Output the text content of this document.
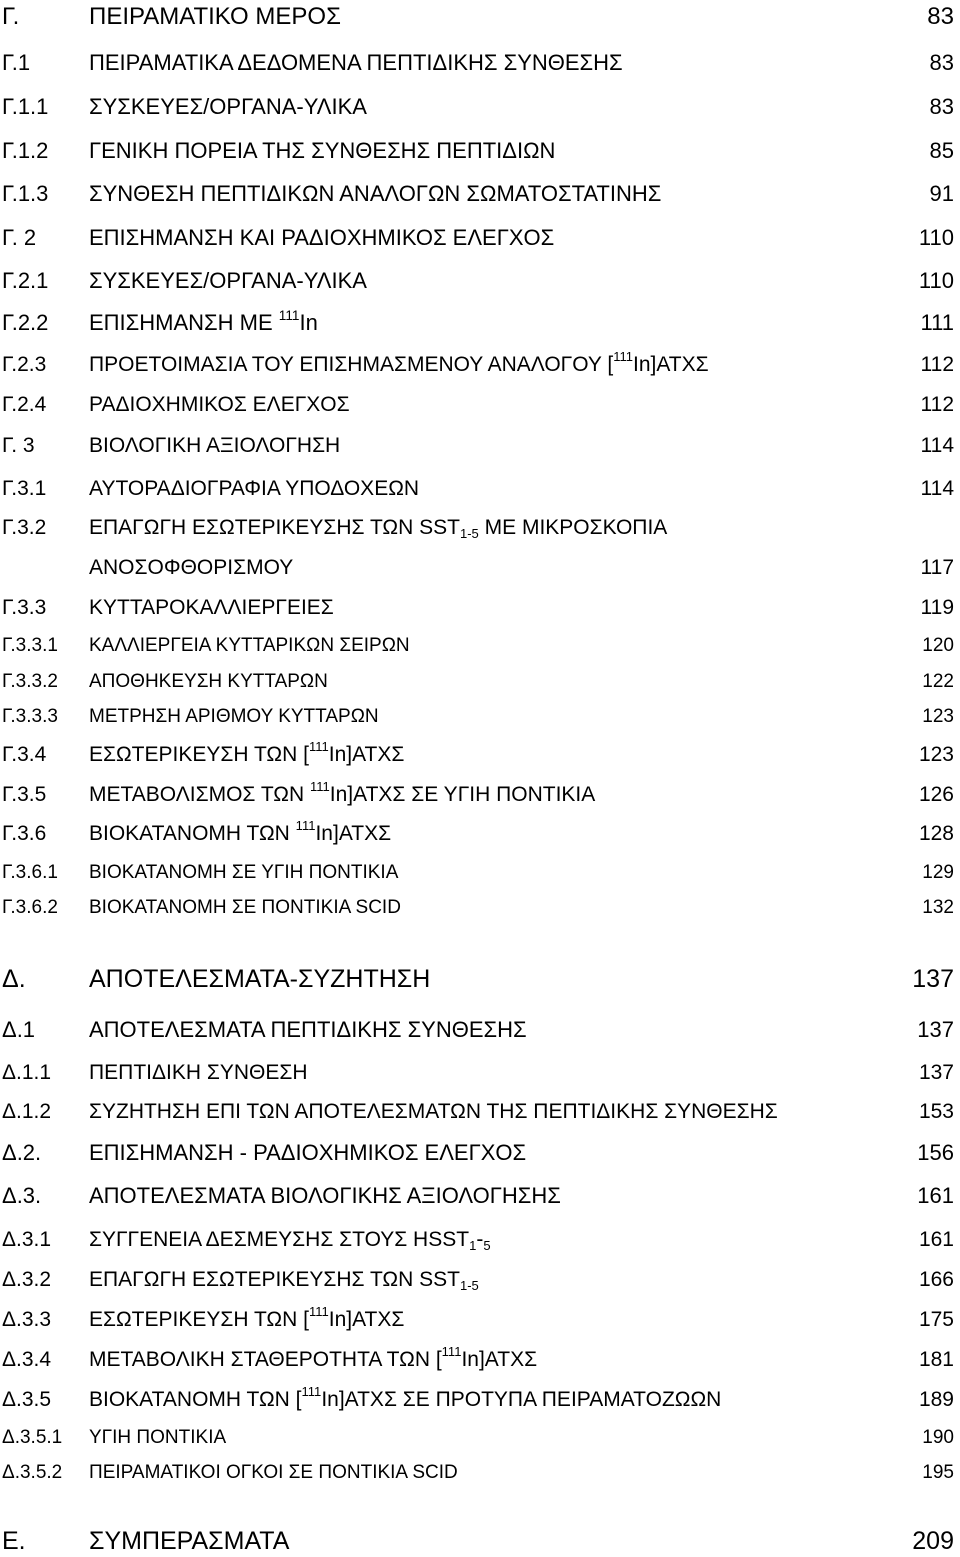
Γ.	ΠΕΙΡΑΜΑΤΙΚΟ ΜΕΡΟΣ	83
Γ.1	ΠΕΙΡΑΜΑΤΙΚΑ ΔΕΔΟΜΕΝΑ ΠΕΠΤΙΔΙΚΗΣ ΣΥΝΘΕΣΗΣ	83
Γ.1.1 ΣΥΣΚΕΥΕΣ/ΟΡΓΑΝΑ-ΥΛΙΚΑ	83
Γ.1.2 ΓΕΝΙΚΗ ΠΟΡΕΙΑ ΤΗΣ ΣΥΝΘΕΣΗΣ ΠΕΠΤΙΔΙΩΝ	85
Γ.1.3 ΣΥΝΘΕΣΗ ΠΕΠΤΙΔΙΚΩΝ ΑΝΑΛΟΓΩΝ ΣΩΜΑΤΟΣΤΑΤΙΝΗΣ	91
Γ. 2 ΕΠΙΣΗΜΑΝΣΗ ΚΑΙ ΡΑΔΙΟΧΗΜΙΚΟΣ ΕΛΕΓΧΟΣ	110
Γ.2.1 ΣΥΣΚΕΥΕΣ/ΟΡΓΑΝΑ-ΥΛΙΚΑ	110
Γ.2.2 ΕΠΙΣΗΜΑΝΣΗ ΜΕ $^{111}$In	111
Γ.2.3 ΠΡΟΕΤΟΙΜΑΣΙΑ ΤΟΥ ΕΠΙΣΗΜΑΣΜΕΝΟΥ ΑΝΑΛΟΓΟΥ [$^{111}$In]ΑΤΧΣ	112
Γ.2.4 ΡΑΔΙΟΧΗΜΙΚΟΣ ΕΛΕΓΧΟΣ	112
Γ. 3	ΒΙΟΛΟΓΙΚΗ ΑΞΙΟΛΟΓΗΣΗ	114
Γ.3.1 ΑΥΤΟΡΑΔΙΟΓΡΑΦΙΑ ΥΠΟΔΟΧΕΩΝ	114
Γ.3.2 ΕΠΑΓΩΓΗ ΕΣΩΤΕΡΙΚΕΥΣΗΣ ΤΩΝ $SST_{1-5}$ ΜΕ ΜΙΚΡΟΣΚΟΠΙΑ
ΑΝΟΣΟΦΘΟΡΙΣΜΟΥ	117
Γ.3.3 ΚΥΤΤΑΡΟΚΑΛΛΙΕΡΓΕΙΕΣ	119
Γ.3.3.1 ΚΑΛΛΙΕΡΓΕΙΑ ΚΥΤΤΑΡΙΚΩΝ ΣΕΙΡΩΝ	120
Γ.3.3.2 ΑΠΟΘΗΚΕΥΣΗ ΚΥΤΤΑΡΩΝ	122
Γ.3.3.3 ΜΕΤΡΗΣΗ ΑΡΙΘΜΟΥ ΚΥΤΤΑΡΩΝ	123
Γ.3.4 ΕΣΩΤΕΡΙΚΕΥΣΗ ΤΩΝ [$^{111}$In]ΑΤΧΣ	123
Γ.3.5 ΜΕΤΑΒΟΛΙΣΜΟΣ ΤΩΝ $^{111}$In]ΑΤΧΣ ΣΕ ΥΓΙΗ ΠΟΝΤΙΚΙΑ	126
Γ.3.6 ΒΙΟΚΑΤΑΝΟΜΗ ΤΩΝ $^{111}$In]ΑΤΧΣ	128
Γ.3.6.1 ΒΙΟΚΑΤΑΝΟΜΗ ΣΕ ΥΓΙΗ ΠΟΝΤΙΚΙΑ	129
Γ.3.6.2 ΒΙΟΚΑΤΑΝΟΜΗ ΣΕ ΠΟΝΤΙΚΙΑ SCID	132
Δ.	ΑΠΟΤΕΛΕΣΜΑΤΑ-ΣΥΖΗΤΗΣΗ	137
Δ.1 ΑΠΟΤΕΛΕΣΜΑΤΑ ΠΕΠΤΙΔΙΚΗΣ ΣΥΝΘΕΣΗΣ	137
Δ.1.1 ΠΕΠΤΙΔΙΚΗ ΣΥΝΘΕΣΗ	137
Δ.1.2 ΣΥΖΗΤΗΣΗ ΕΠΙ ΤΩΝ ΑΠΟΤΕΛΕΣΜΑΤΩΝ ΤΗΣ ΠΕΠΤΙΔΙΚΗΣ ΣΥΝΘΕΣΗΣ	153
Δ.2. ΕΠΙΣΗΜΑΝΣΗ - ΡΑΔΙΟΧΗΜΙΚΟΣ ΕΛΕΓΧΟΣ	156
Δ.3. ΑΠΟΤΕΛΕΣΜΑΤΑ ΒΙΟΛΟΓΙΚΗΣ ΑΞΙΟΛΟΓΗΣΗΣ	161
Δ.3.1 ΣΥΓΓΕΝΕΙΑ ΔΕΣΜΕΥΣΗΣ ΣΤΟΥΣ $HSST_1-_5$	161
Δ.3.2 ΕΠΑΓΩΓΗ ΕΣΩΤΕΡΙΚΕΥΣΗΣ ΤΩΝ $SST_{1-5}$	166
Δ.3.3 ΕΣΩΤΕΡΙΚΕΥΣΗ ΤΩΝ [$^{111}$In]ΑΤΧΣ	175
Δ.3.4 ΜΕΤΑΒΟΛΙΚΗ ΣΤΑΘΕΡΟΤΗΤΑ ΤΩΝ [$^{111}$In]ΑΤΧΣ	181
Δ.3.5 ΒΙΟΚΑΤΑΝΟΜΗ ΤΩΝ [$^{111}$In]ΑΤΧΣ ΣΕ ΠΡΟΤΥΠΑ ΠΕΙΡΑΜΑΤΟΖΩΩΝ	189
Δ.3.5.1 ΥΓΙΗ ΠΟΝΤΙΚΙΑ	190
Δ.3.5.2 ΠΕΙΡΑΜΑΤΙΚΟΙ ΟΓΚΟΙ ΣΕ ΠΟΝΤΙΚΙΑ SCID	195
Ε.	ΣΥΜΠΕΡΑΣΜΑΤΑ	209
